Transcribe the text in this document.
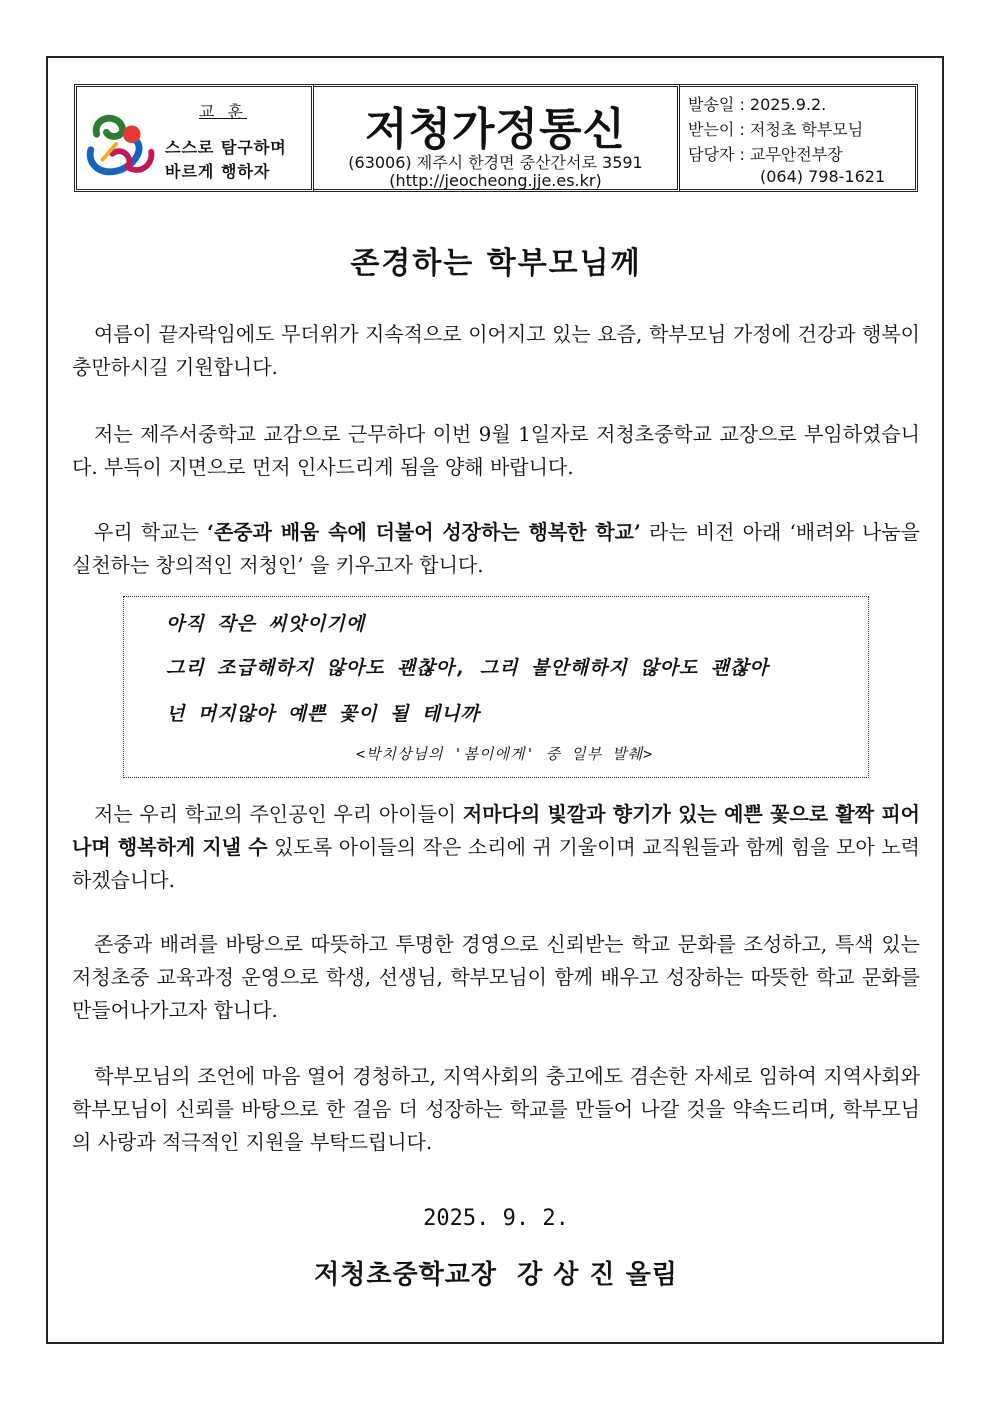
교 훈
스스로 탐구하며
바르게 행하자
저청가정통신
(63006) 제주시 한경면 중산간서로 3591
(http://jeocheong.jje.es.kr)
발송일 : 2025.9.2.
받는이 : 저청초 학부모님
담당자 : 교무안전부장
(064) 798-1621
존경하는 학부모님께
여름이 끝자락임에도 무더위가 지속적으로 이어지고 있는 요즘, 학부모님 가정에 건강과 행복이 충만하시길 기원합니다.
저는 제주서중학교 교감으로 근무하다 이번 9월 1일자로 저청초중학교 교장으로 부임하였습니다. 부득이 지면으로 먼저 인사드리게 됨을 양해 바랍니다.
우리 학교는 ‘존중과 배움 속에 더불어 성장하는 행복한 학교’ 라는 비전 아래 ‘배려와 나눔을 실천하는 창의적인 저청인’ 을 키우고자 합니다.
아직 작은 씨앗이기에
그리 조급해하지 않아도 괜찮아, 그리 불안해하지 않아도 괜찮아
넌 머지않아 예쁜 꽃이 될 테니까
<박치상님의 '봄이에게' 중 일부 발췌>
저는 우리 학교의 주인공인 우리 아이들이 저마다의 빛깔과 향기가 있는 예쁜 꽃으로 활짝 피어나며 행복하게 지낼 수 있도록 아이들의 작은 소리에 귀 기울이며 교직원들과 함께 힘을 모아 노력하겠습니다.
존중과 배려를 바탕으로 따뜻하고 투명한 경영으로 신뢰받는 학교 문화를 조성하고, 특색 있는 저청초중 교육과정 운영으로 학생, 선생님, 학부모님이 함께 배우고 성장하는 따뜻한 학교 문화를 만들어나가고자 합니다.
학부모님의 조언에 마음 열어 경청하고, 지역사회의 충고에도 겸손한 자세로 임하여 지역사회와 학부모님이 신뢰를 바탕으로 한 걸음 더 성장하는 학교를 만들어 나갈 것을 약속드리며, 학부모님의 사랑과 적극적인 지원을 부탁드립니다.
2025. 9. 2.
저청초중학교장  강 상 진 올림
